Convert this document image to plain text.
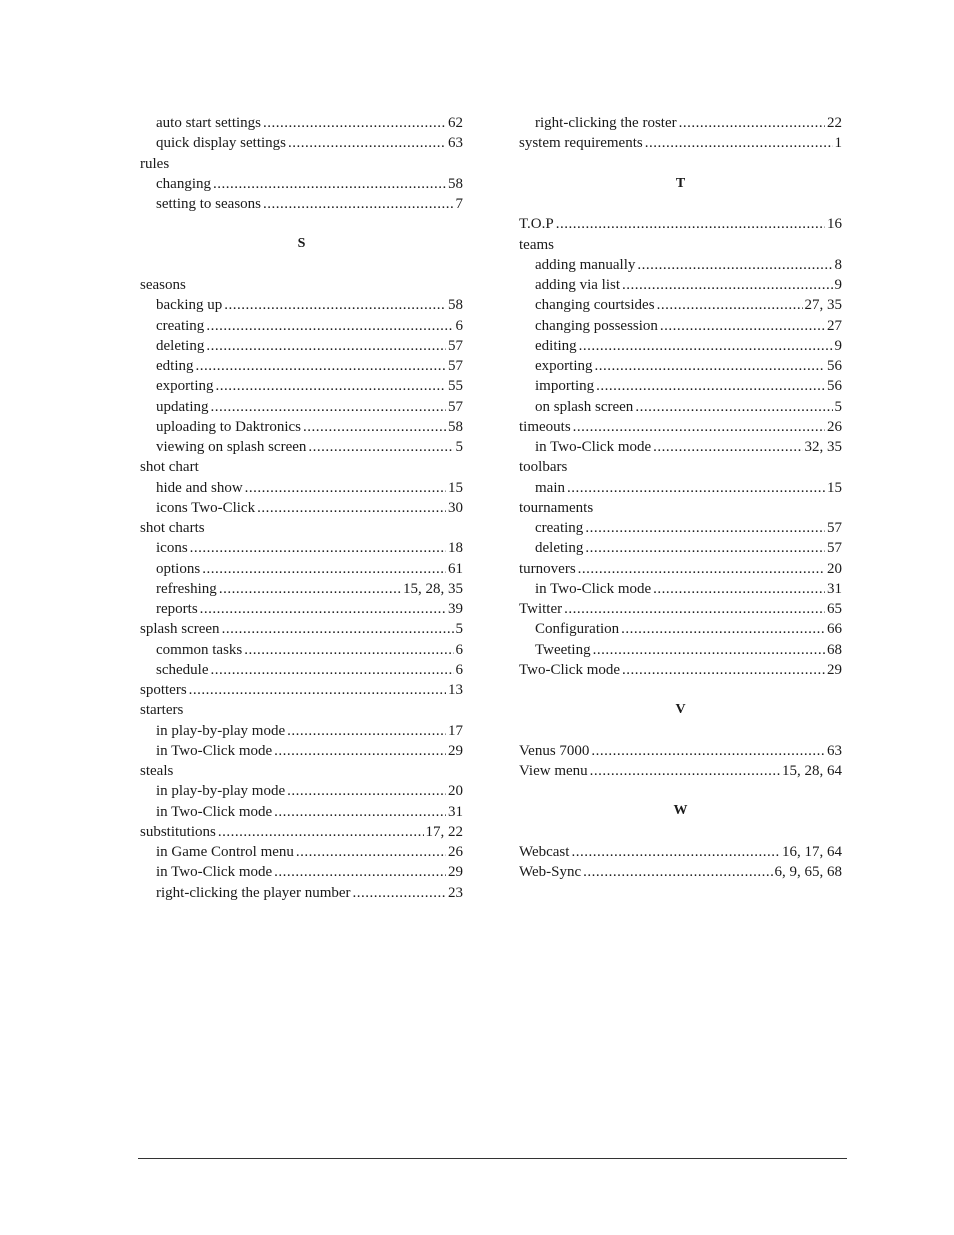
auto start settings .....	62
quick display settings .....	63
rules
changing .....	58
setting to seasons .....	7
S
seasons
backing up .....	58
creating .....	6
deleting .....	57
edting .....	57
exporting .....	55
updating .....	57
uploading to Daktronics .....	58
viewing on splash screen .....	5
shot chart
hide and show .....	15
icons Two-Click .....	30
shot charts
icons .....	18
options .....	61
refreshing .....	15, 28, 35
reports .....	39
splash screen .....	5
common tasks .....	6
schedule .....	6
spotters .....	13
starters
in play-by-play mode .....	17
in Two-Click mode .....	29
steals
in play-by-play mode .....	20
in Two-Click mode .....	31
substitutions .....	17, 22
in Game Control menu .....	26
in Two-Click mode .....	29
right-clicking the player number .....	23
right-clicking the roster .....	22
system requirements .....	1
T
T.O.P .....	16
teams
adding manually .....	8
adding via list .....	9
changing courtsides .....	27, 35
changing possession .....	27
editing .....	9
exporting .....	56
importing .....	56
on splash screen .....	5
timeouts .....	26
in Two-Click mode .....	32, 35
toolbars
main .....	15
tournaments
creating .....	57
deleting .....	57
turnovers .....	20
in Two-Click mode .....	31
Twitter .....	65
Configuration .....	66
Tweeting .....	68
Two-Click mode .....	29
V
Venus 7000 .....	63
View menu .....	15, 28, 64
W
Webcast .....	16, 17, 64
Web-Sync .....	6, 9, 65, 68
